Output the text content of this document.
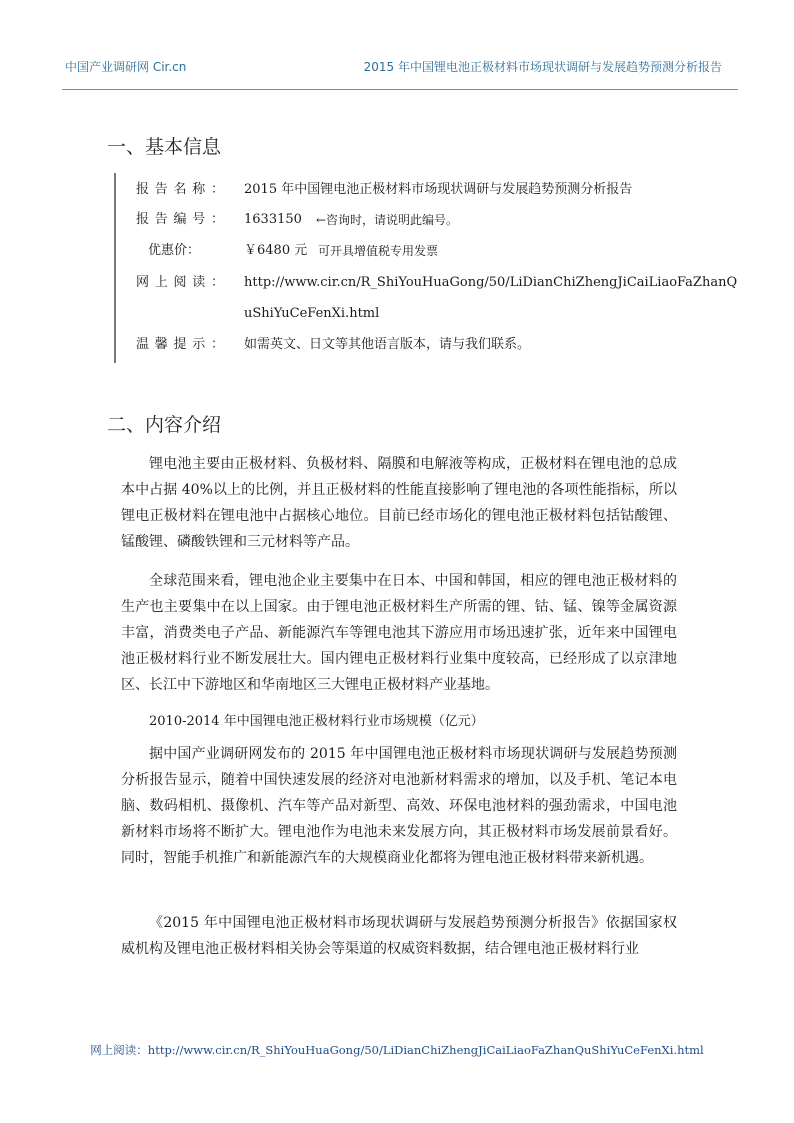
中国产业调研网 Cir.cn	2015 年中国锂电池正极材料市场现状调研与发展趋势预测分析报告
一、基本信息
报告名称： 2015 年中国锂电池正极材料市场现状调研与发展趋势预测分析报告
报告编号： 1633150 ←咨询时，请说明此编号。
优惠价：	￥6480 元 可开具增值税专用发票
网上阅读： http://www.cir.cn/R_ShiYouHuaGong/50/LiDianChiZhengJiCaiLiaoFaZhanQ
uShiYuCeFenXi.html
温馨提示： 如需英文、日文等其他语言版本，请与我们联系。
二、内容介绍

锂电池主要由正极材料、负极材料、隔膜和电解液等构成，正极材料在锂电池的总成本中占据 40%以上的比例，并且正极材料的性能直接影响了锂电池的各项性能指标，所以锂电正极材料在锂电池中占据核心地位。目前已经市场化的锂电池正极材料包括钴酸锂、锰酸锂、磷酸铁锂和三元材料等产品。

全球范围来看，锂电池企业主要集中在日本、中国和韩国，相应的锂电池正极材料的生产也主要集中在以上国家。由于锂电池正极材料生产所需的锂、钴、锰、镍等金属资源丰富，消费类电子产品、新能源汽车等锂电池其下游应用市场迅速扩张，近年来中国锂电池正极材料行业不断发展壮大。国内锂电正极材料行业集中度较高，已经形成了以京津地区、长江中下游地区和华南地区三大锂电正极材料产业基地。

2010-2014 年中国锂电池正极材料行业市场规模（亿元）

据中国产业调研网发布的 2015 年中国锂电池正极材料市场现状调研与发展趋势预测分析报告显示，随着中国快速发展的经济对电池新材料需求的增加，以及手机、笔记本电脑、数码相机、摄像机、汽车等产品对新型、高效、环保电池材料的强劲需求，中国电池新材料市场将不断扩大。锂电池作为电池未来发展方向，其正极材料市场发展前景看好。同时，智能手机推广和新能源汽车的大规模商业化都将为锂电池正极材料带来新机遇。

《2015 年中国锂电池正极材料市场现状调研与发展趋势预测分析报告》依据国家权威机构及锂电池正极材料相关协会等渠道的权威资料数据，结合锂电池正极材料行业

网上阅读：http://www.cir.cn/R_ShiYouHuaGong/50/LiDianChiZhengJiCaiLiaoFaZhanQuShiYuCeFenXi.html
